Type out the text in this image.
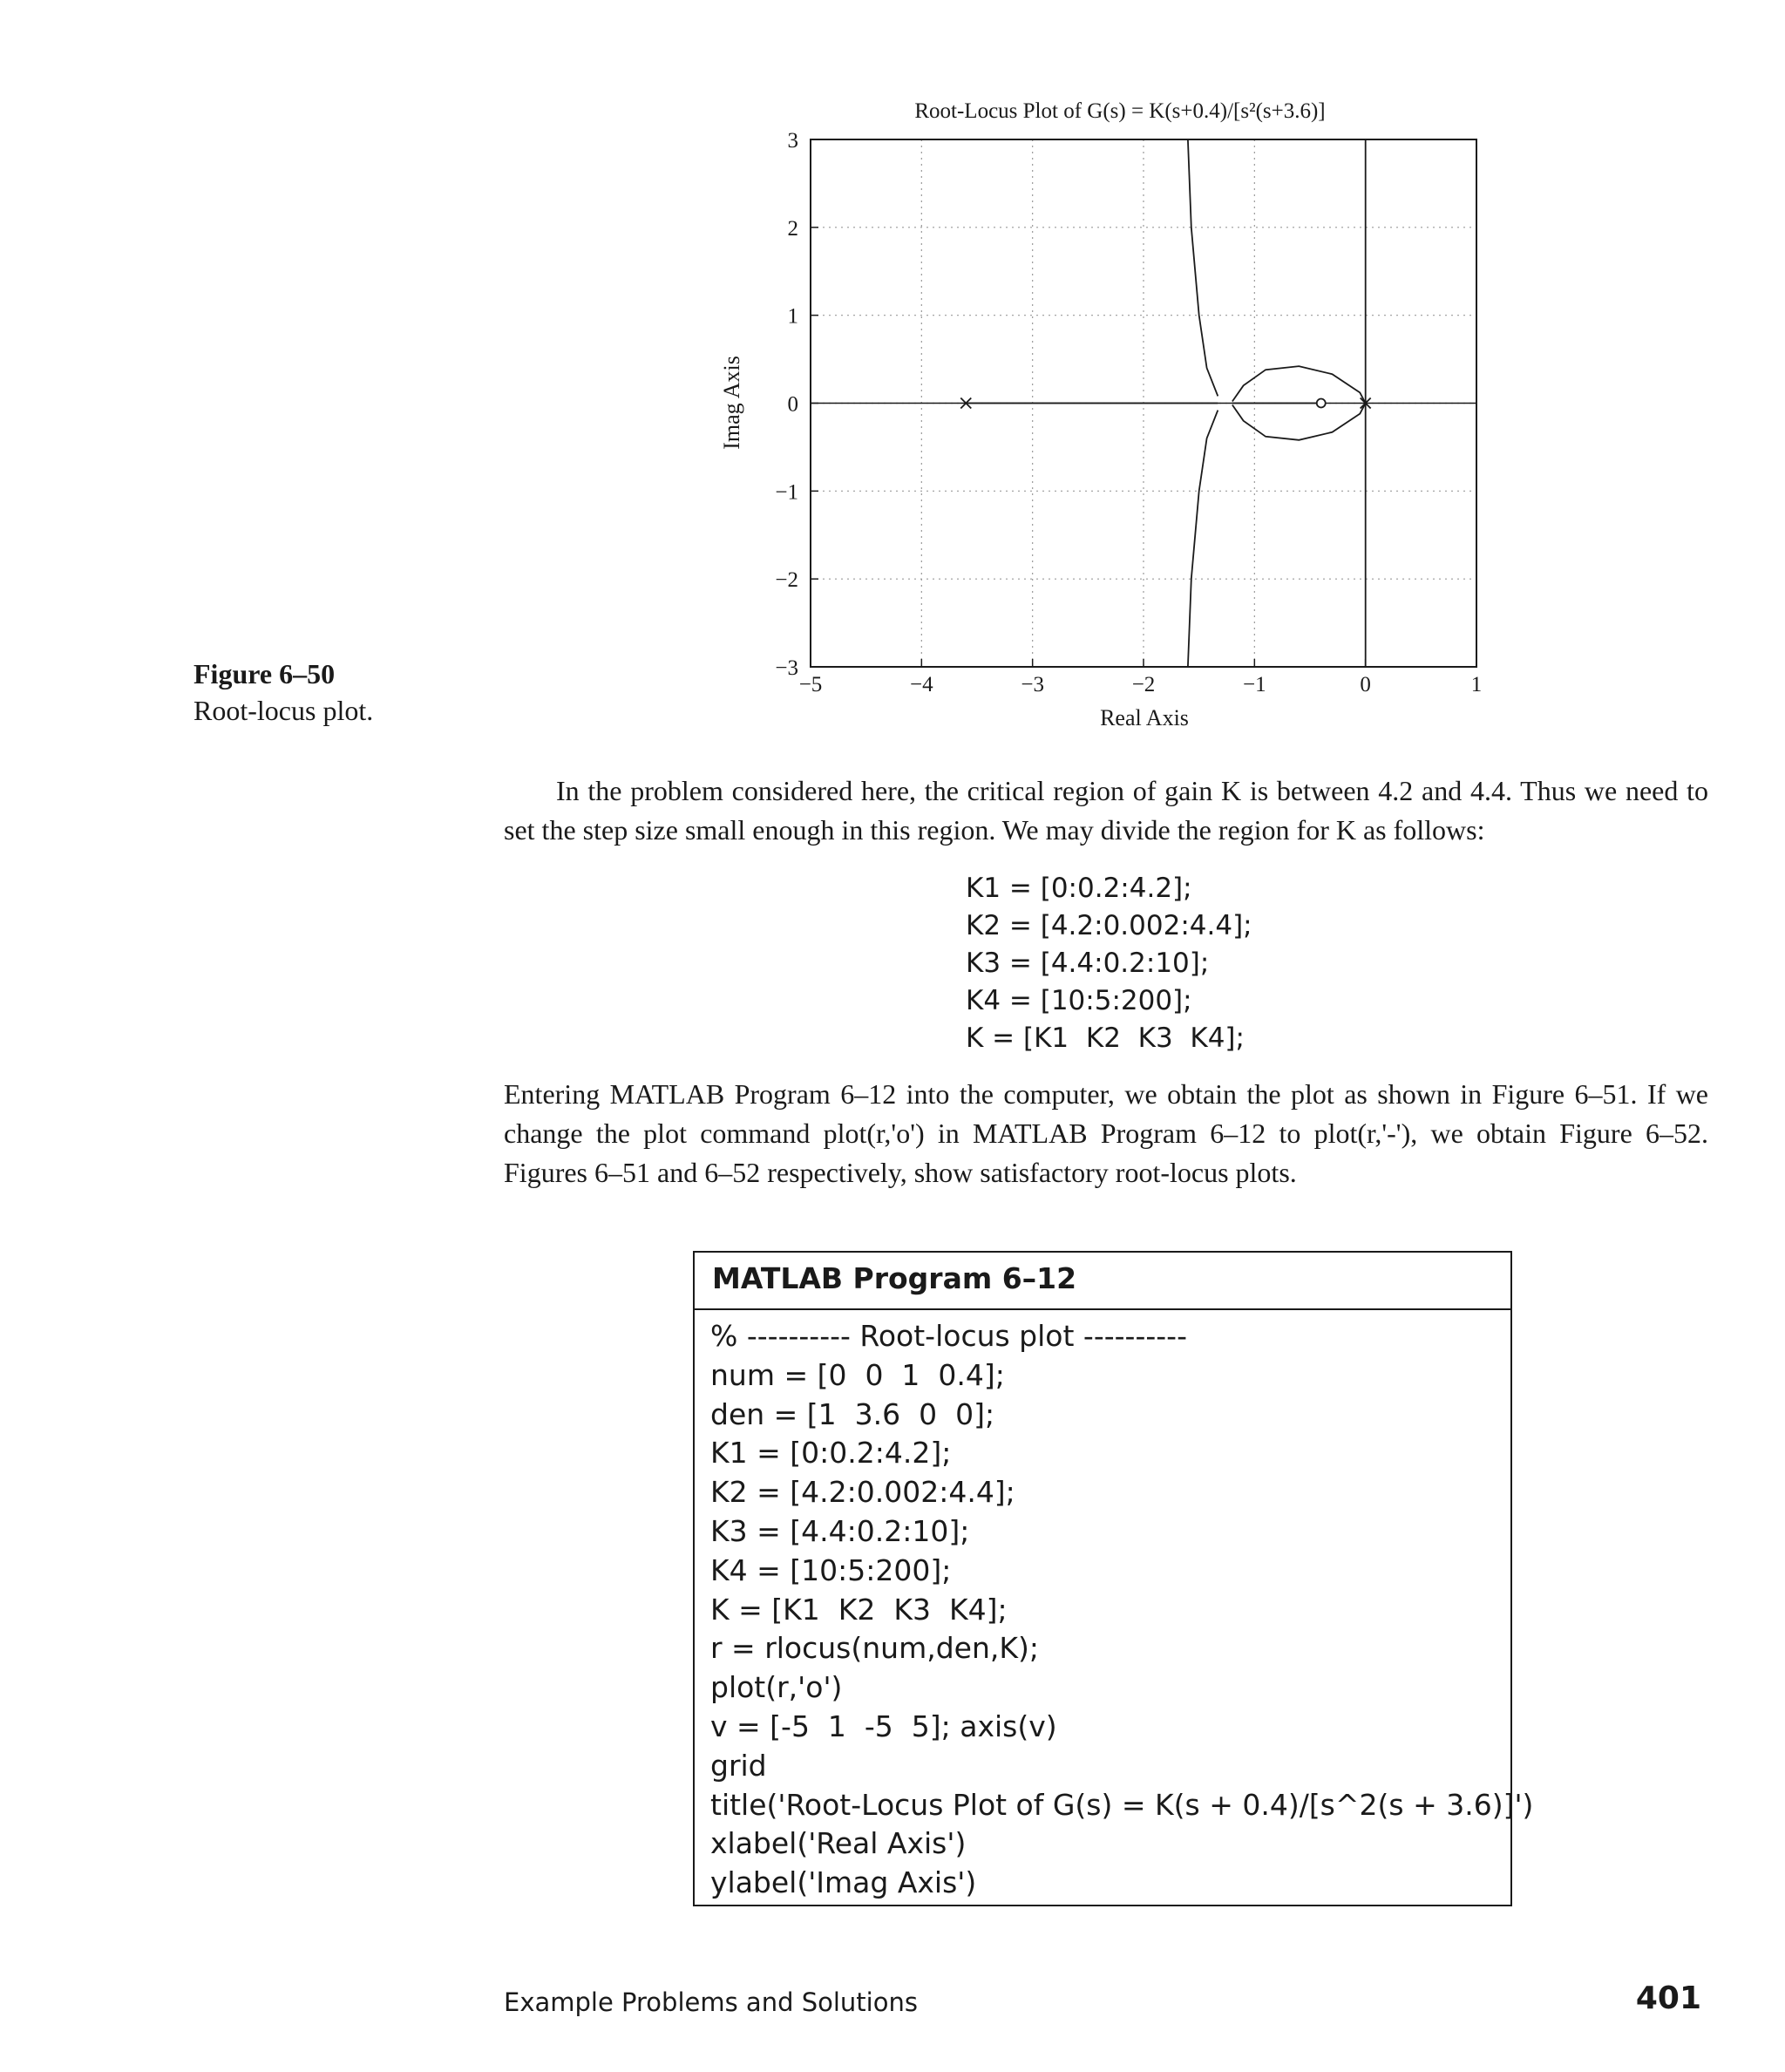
Root-Locus Plot of G(s) = K(s+0.4)/[s²(s+3.6)]
Imag Axis
Real Axis
−5	−4	−3	−2	−1	0	1
3
2
1
0
−1
−2
−3
Figure 6–50
Root-locus plot.

In the problem considered here, the critical region of gain K is between 4.2 and 4.4. Thus we need to set the step size small enough in this region. We may divide the region for K as follows:

K1 = [0:0.2:4.2];
K2 = [4.2:0.002:4.4];
K3 = [4.4:0.2:10];
K4 = [10:5:200];
K = [K1  K2  K3  K4];

Entering MATLAB Program 6–12 into the computer, we obtain the plot as shown in Figure 6–51. If we change the plot command plot(r,'o') in MATLAB Program 6–12 to plot(r,'-'), we obtain Figure 6–52. Figures 6–51 and 6–52 respectively, show satisfactory root-locus plots.

MATLAB Program 6–12
% ---------- Root-locus plot ----------
num = [0  0  1  0.4];
den = [1  3.6  0  0];
K1 = [0:0.2:4.2];
K2 = [4.2:0.002:4.4];
K3 = [4.4:0.2:10];
K4 = [10:5:200];
K = [K1  K2  K3  K4];
r = rlocus(num,den,K);
plot(r,'o')
v = [-5  1  -5  5]; axis(v)
grid
title('Root-Locus Plot of G(s) = K(s + 0.4)/[s^2(s + 3.6)]')
xlabel('Real Axis')
ylabel('Imag Axis')
Example Problems and Solutions	401
